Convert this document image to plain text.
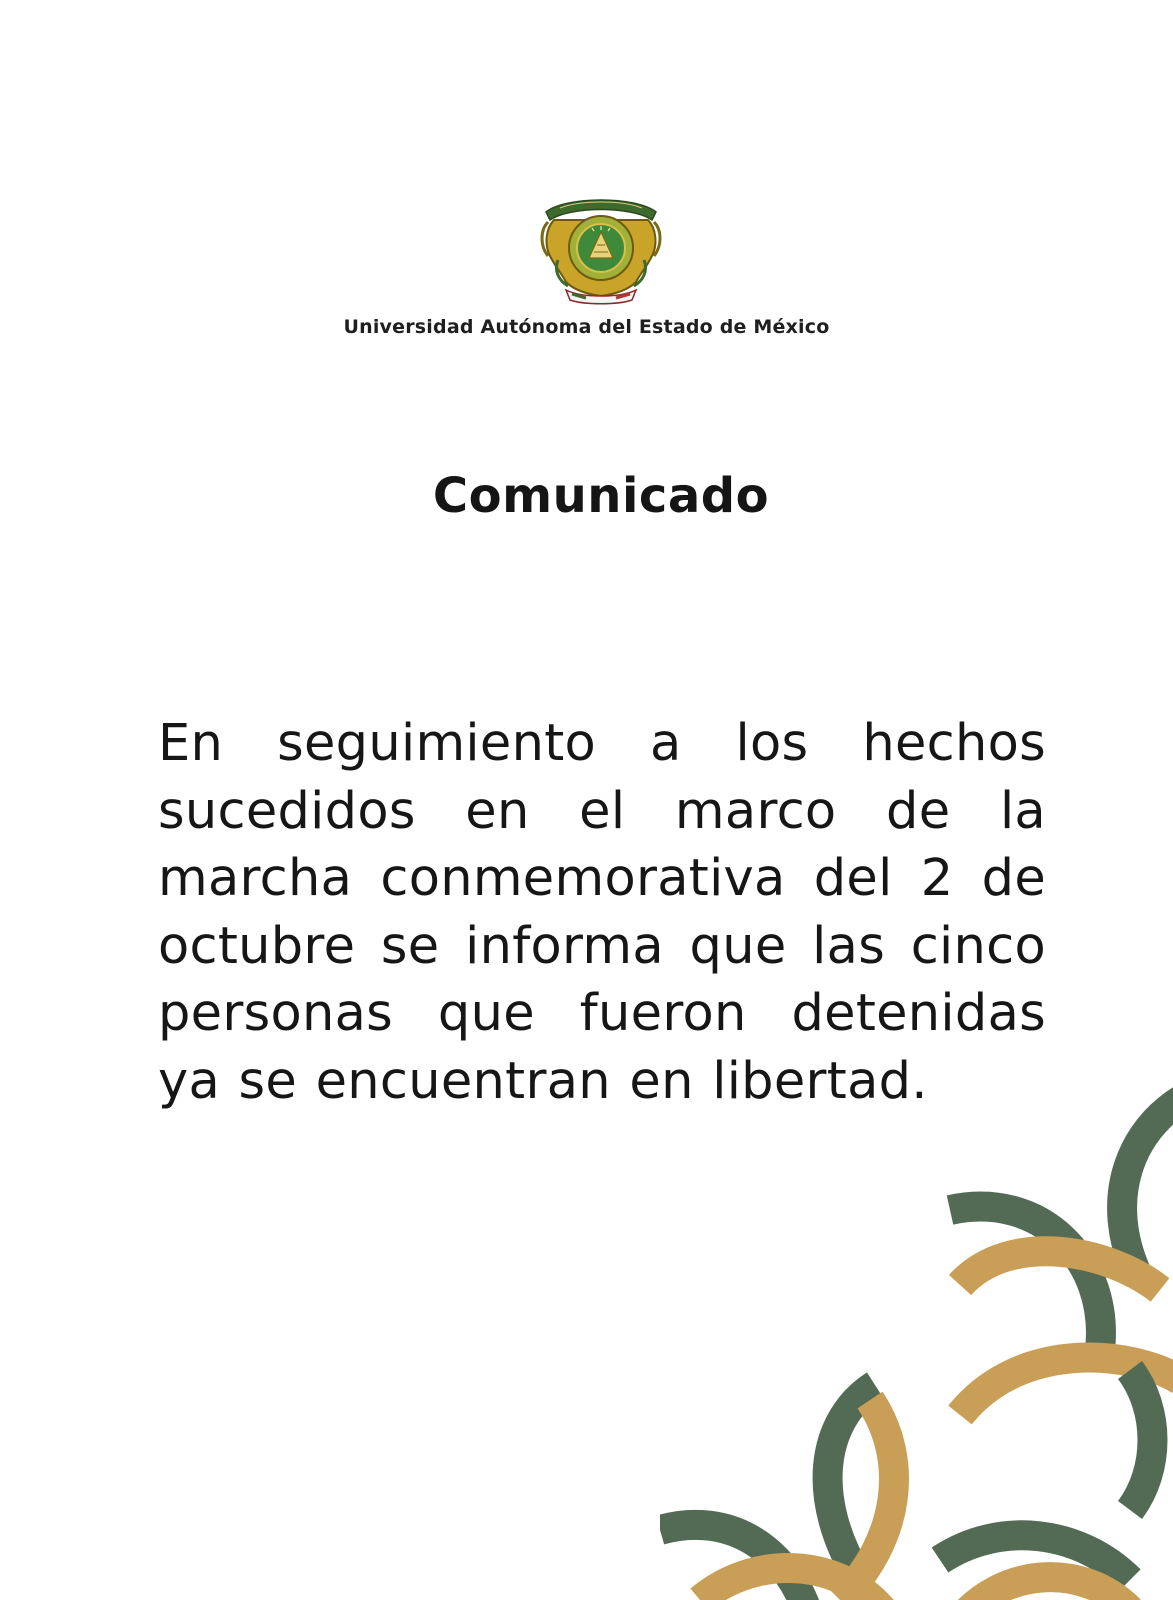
Universidad Autónoma del Estado de México
Comunicado

En seguimiento a los hechos sucedidos en el marco de la marcha conmemorativa del 2 de octubre se informa que las cinco personas que fueron detenidas ya se encuentran en libertad.
